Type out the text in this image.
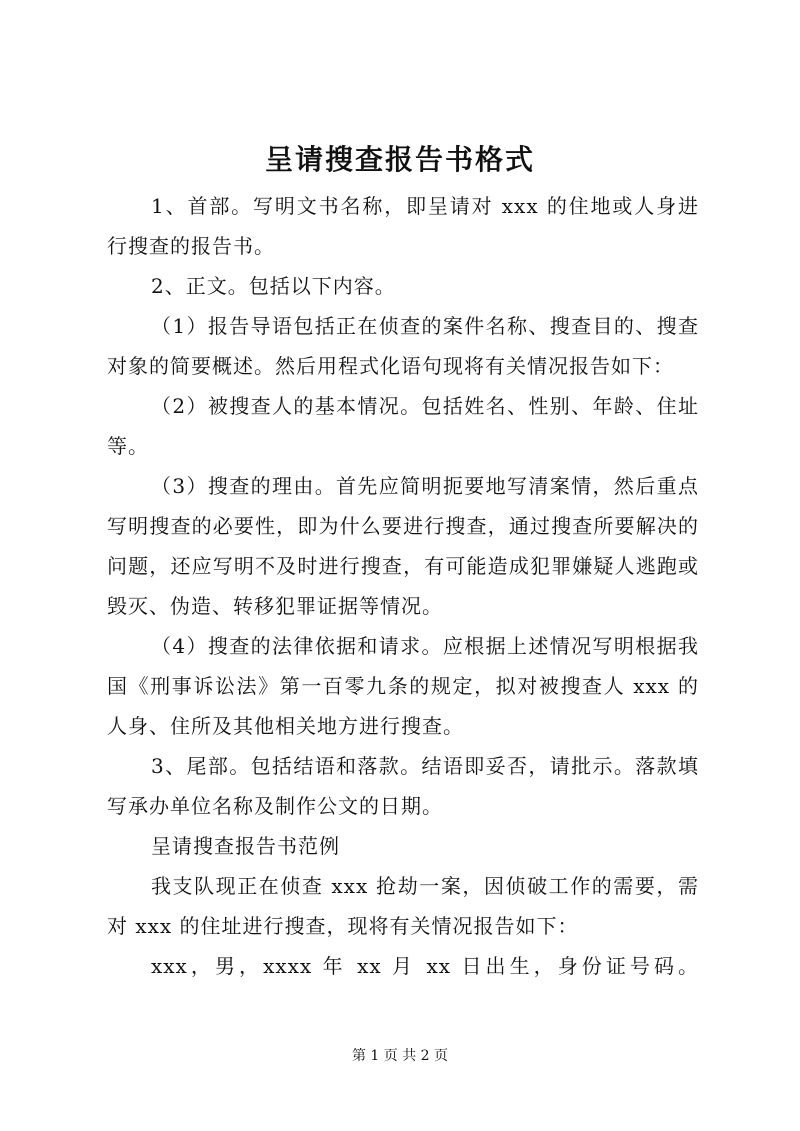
呈请搜查报告书格式

1、首部。写明文书名称，即呈请对 xxx 的住地或人身进行搜查的报告书。

2、正文。包括以下内容。

（1）报告导语包括正在侦查的案件名称、搜查目的、搜查对象的简要概述。然后用程式化语句现将有关情况报告如下：

（2）被搜查人的基本情况。包括姓名、性别、年龄、住址等。

（3）搜查的理由。首先应简明扼要地写清案情，然后重点写明搜查的必要性，即为什么要进行搜查，通过搜查所要解决的问题，还应写明不及时进行搜查，有可能造成犯罪嫌疑人逃跑或毁灭、伪造、转移犯罪证据等情况。

（4）搜查的法律依据和请求。应根据上述情况写明根据我国《刑事诉讼法》第一百零九条的规定，拟对被搜查人 xxx 的人身、住所及其他相关地方进行搜查。

3、尾部。包括结语和落款。结语即妥否，请批示。落款填写承办单位名称及制作公文的日期。

呈请搜查报告书范例

我支队现正在侦查 xxx 抢劫一案，因侦破工作的需要，需对 xxx 的住址进行搜查，现将有关情况报告如下：

xxx，男，xxxx 年 xx 月 xx 日出生，身份证号码。

第 1 页 共 2 页
